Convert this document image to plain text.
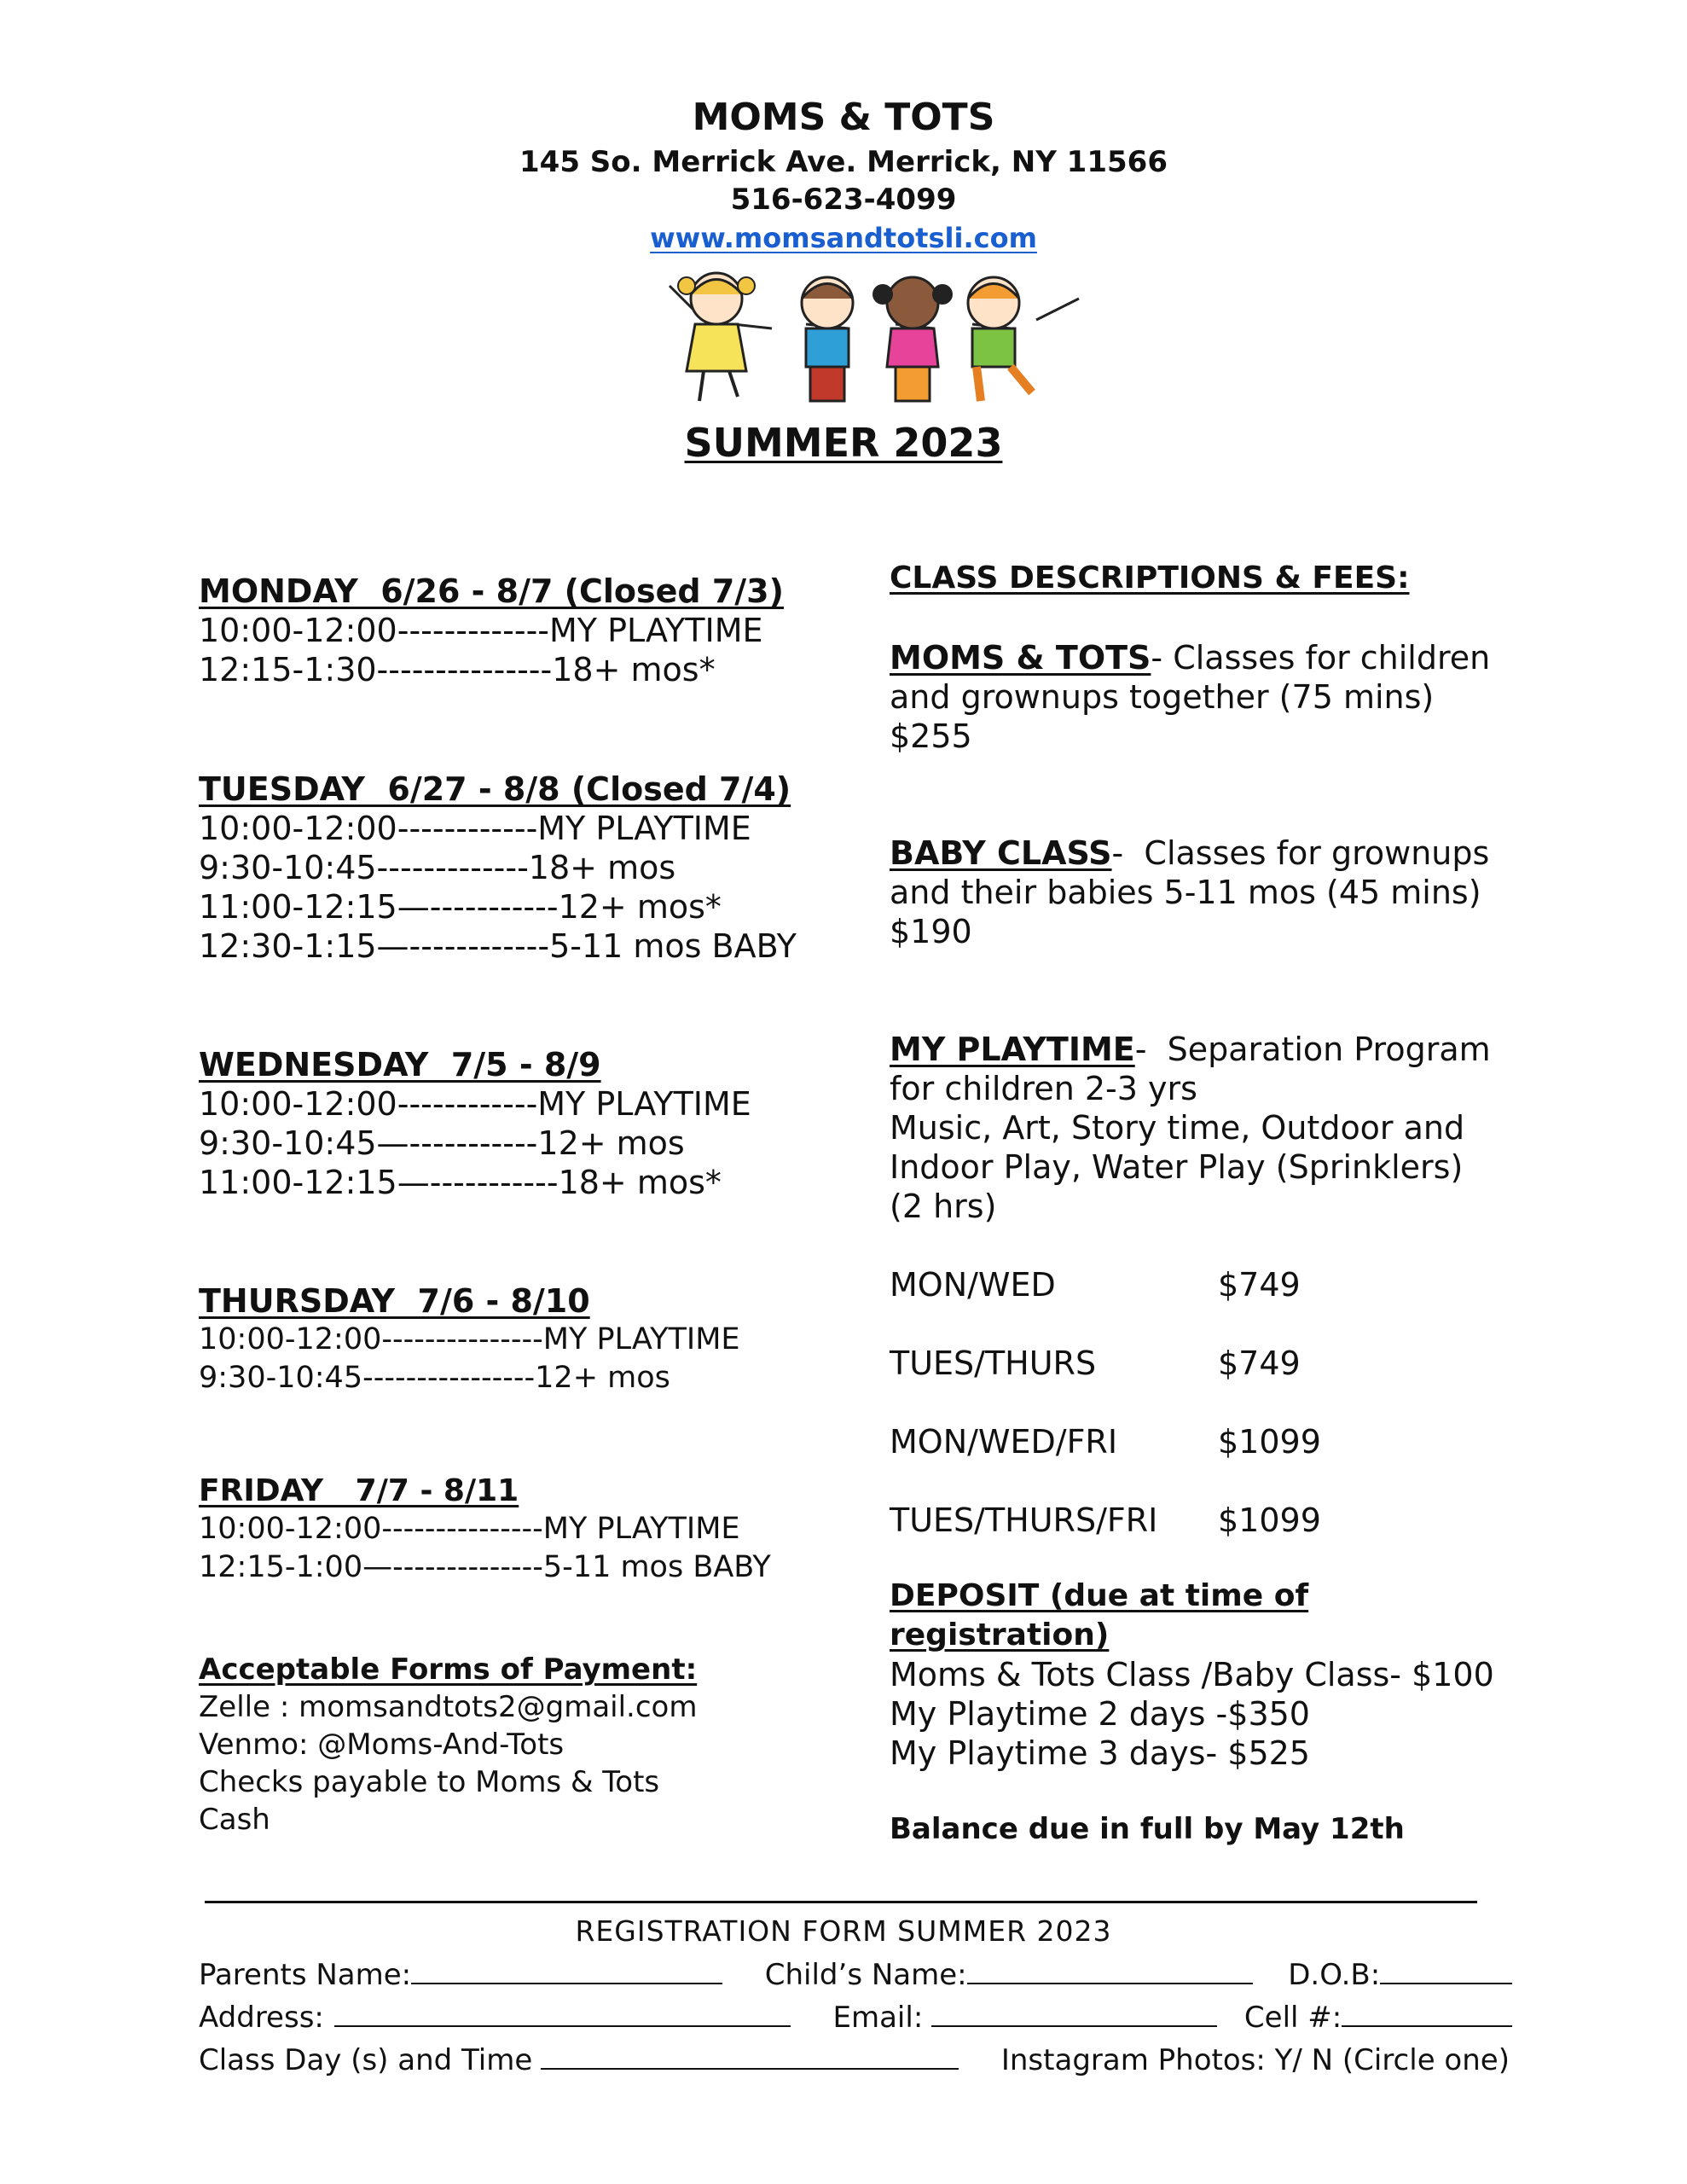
MOMS & TOTS
145 So. Merrick Ave. Merrick, NY 11566
516-623-4099
www.momsandtotsli.com
SUMMER 2023
MONDAY  6/26 - 8/7 (Closed 7/3)
10:00-12:00-------------MY PLAYTIME
12:15-1:30---------------18+ mos*
TUESDAY  6/27 - 8/8 (Closed 7/4)
10:00-12:00------------MY PLAYTIME
9:30-10:45-------------18+ mos
11:00-12:15—-----------12+ mos*
12:30-1:15—------------5-11 mos BABY
WEDNESDAY  7/5 - 8/9
10:00-12:00------------MY PLAYTIME
9:30-10:45—-----------12+ mos
11:00-12:15—-----------18+ mos*
THURSDAY  7/6 - 8/10
10:00-12:00---------------MY PLAYTIME
9:30-10:45----------------12+ mos
FRIDAY   7/7 - 8/11
10:00-12:00---------------MY PLAYTIME
12:15-1:00—--------------5-11 mos BABY
Acceptable Forms of Payment:
Zelle : momsandtots2@gmail.com
Venmo: @Moms-And-Tots
Checks payable to Moms & Tots
Cash
CLASS DESCRIPTIONS & FEES:
MOMS & TOTS- Classes for children
and grownups together (75 mins)
$255
BABY CLASS-  Classes for grownups
and their babies 5-11 mos (45 mins)
$190
MY PLAYTIME-  Separation Program
for children 2-3 yrs
Music, Art, Story time, Outdoor and
Indoor Play, Water Play (Sprinklers)
(2 hrs)
MON/WED	$749
TUES/THURS	$749
MON/WED/FRI	$1099
TUES/THURS/FRI	$1099
DEPOSIT (due at time of
registration)
Moms & Tots Class /Baby Class- $100
My Playtime 2 days -$350
My Playtime 3 days- $525
Balance due in full by May 12th
REGISTRATION FORM SUMMER 2023
Parents Name:	Child’s Name:	D.O.B:
Address:	Email:	Cell #:
Class Day (s) and Time	Instagram Photos: Y/ N (Circle one)
